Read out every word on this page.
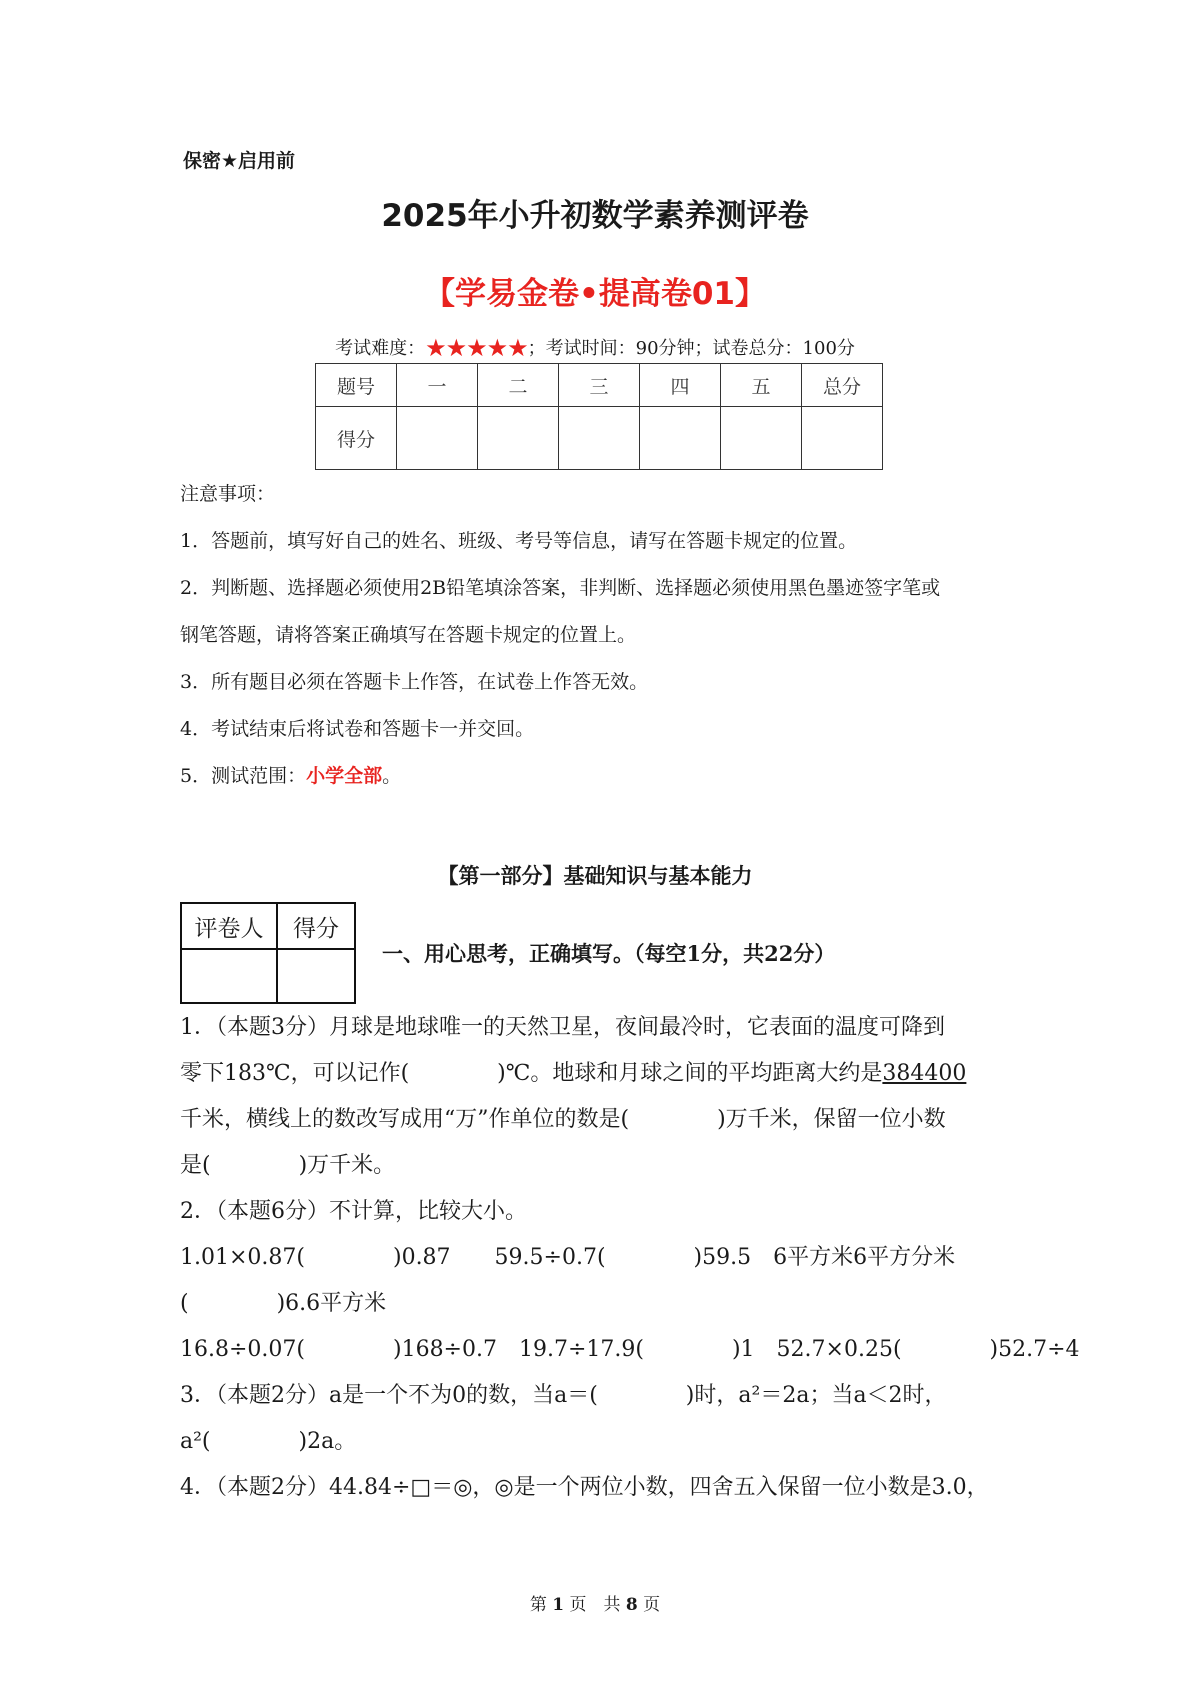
保密★启用前
2025年小升初数学素养测评卷
【学易金卷•提高卷01】
考试难度：★★★★★；考试时间：90分钟；试卷总分：100分
题号	一	二	三	四	五	总分
得分						
注意事项：
1．答题前，填写好自己的姓名、班级、考号等信息，请写在答题卡规定的位置。
2．判断题、选择题必须使用2B铅笔填涂答案，非判断、选择题必须使用黑色墨迹签字笔或
钢笔答题，请将答案正确填写在答题卡规定的位置上。
3．所有题目必须在答题卡上作答，在试卷上作答无效。
4．考试结束后将试卷和答题卡一并交回。
5．测试范围：小学全部。
【第一部分】基础知识与基本能力
评卷人	得分

一、用心思考，正确填写。（每空1分，共22分）
1．（本题3分）月球是地球唯一的天然卫星，夜间最冷时，它表面的温度可降到
零下183℃，可以记作(　　　　)℃。地球和月球之间的平均距离大约是384400
千米，横线上的数改写成用“万”作单位的数是(　　　　)万千米，保留一位小数
是(　　　　)万千米。
2．（本题6分）不计算，比较大小。
1.01×0.87(　　　　)0.87　　59.5÷0.7(　　　　)59.5　6平方米6平方分米
(　　　　)6.6平方米
16.8÷0.07(　　　　)168÷0.7　19.7÷17.9(　　　　)1　52.7×0.25(　　　　)52.7÷4
3．（本题2分）a是一个不为0的数，当a＝(　　　　)时，a²＝2a；当a＜2时，
a²(　　　　)2a。
4．（本题2分）44.84÷□＝◎，◎是一个两位小数，四舍五入保留一位小数是3.0，
第 1 页　共 8 页
